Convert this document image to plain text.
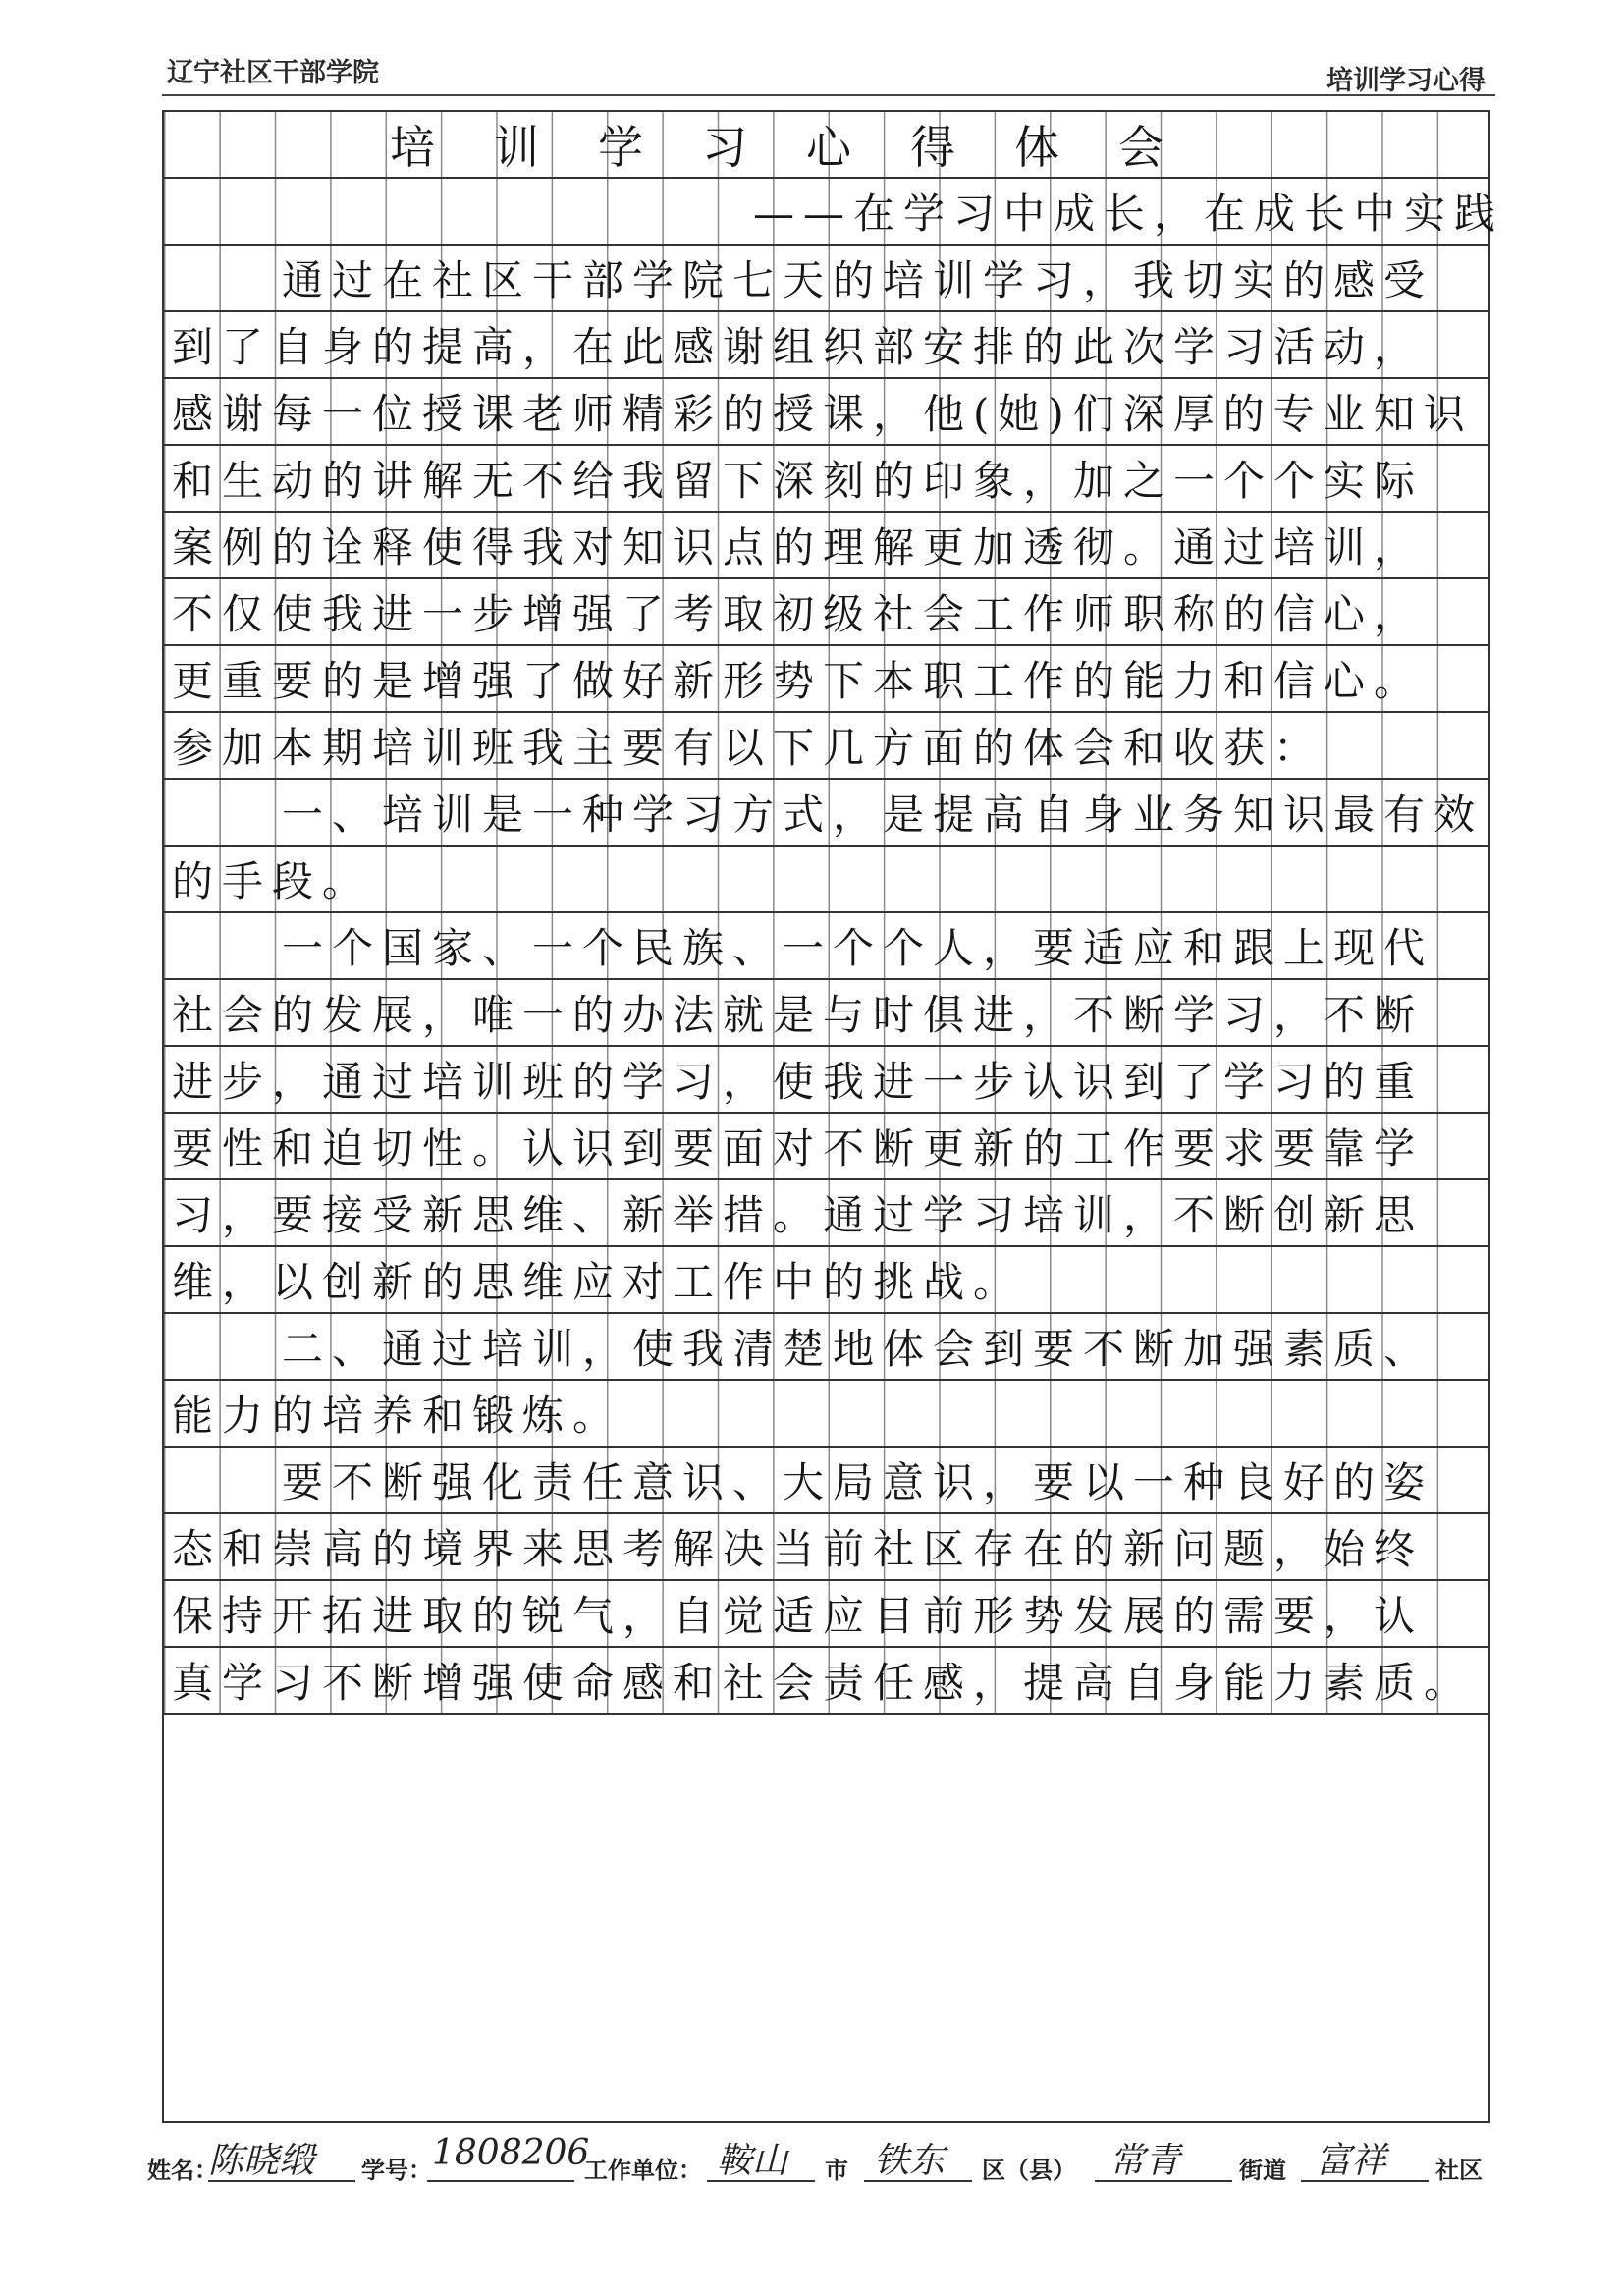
辽宁社区干部学院	培训学习心得
培训学习心得体会
——在学习中成长，在成长中实践
通过在社区干部学院七天的培训学习，我切实的感受
到了自身的提高，在此感谢组织部安排的此次学习活动，
感谢每一位授课老师精彩的授课，他(她)们深厚的专业知识
和生动的讲解无不给我留下深刻的印象，加之一个个实际
案例的诠释使得我对知识点的理解更加透彻。通过培训，
不仅使我进一步增强了考取初级社会工作师职称的信心，
更重要的是增强了做好新形势下本职工作的能力和信心。
参加本期培训班我主要有以下几方面的体会和收获：
一、培训是一种学习方式，是提高自身业务知识最有效
的手段。
一个国家、一个民族、一个个人，要适应和跟上现代
社会的发展，唯一的办法就是与时俱进，不断学习，不断
进步，通过培训班的学习，使我进一步认识到了学习的重
要性和迫切性。认识到要面对不断更新的工作要求要靠学
习，要接受新思维、新举措。通过学习培训，不断创新思
维，以创新的思维应对工作中的挑战。
二、通过培训，使我清楚地体会到要不断加强素质、
能力的培养和锻炼。
要不断强化责任意识、大局意识，要以一种良好的姿
态和崇高的境界来思考解决当前社区存在的新问题，始终
保持开拓进取的锐气，自觉适应目前形势发展的需要，认
真学习不断增强使命感和社会责任感，提高自身能力素质。
姓名：
陈晓缎 学号： 1808206
工作单位： 鞍山 市 铁东 区（县） 常青 街道 富祥 社区
